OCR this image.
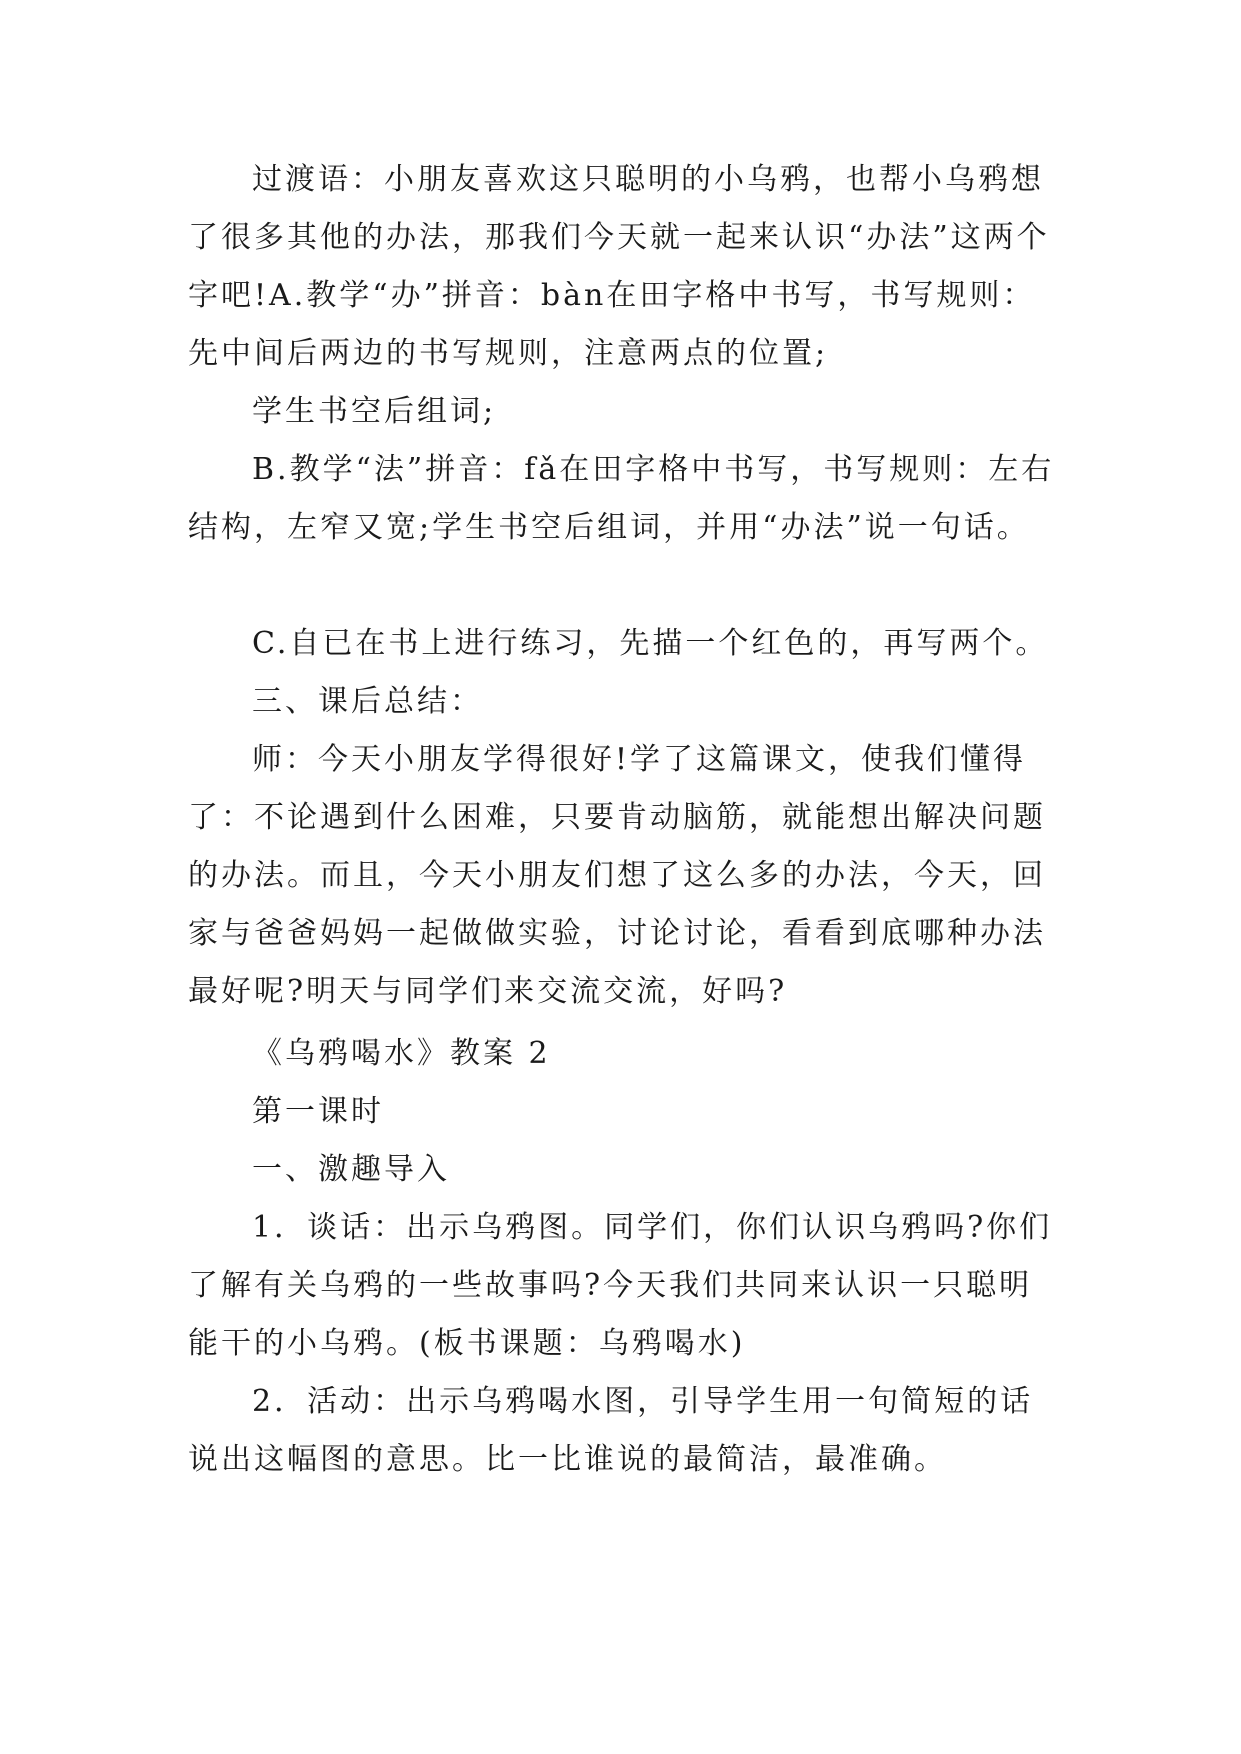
过渡语：小朋友喜欢这只聪明的小乌鸦，也帮小乌鸦想了很多其他的办法，那我们今天就一起来认识“办法”这两个字吧!A.教学“办”拼音：bàn在田字格中书写，书写规则：先中间后两边的书写规则，注意两点的位置;

学生书空后组词;

B.教学“法”拼音：fǎ在田字格中书写，书写规则：左右结构，左窄又宽;学生书空后组词，并用“办法”说一句话。

C.自已在书上进行练习，先描一个红色的，再写两个。

三、课后总结：

师：今天小朋友学得很好!学了这篇课文，使我们懂得了：不论遇到什么困难，只要肯动脑筋，就能想出解决问题的办法。而且，今天小朋友们想了这么多的办法，今天，回家与爸爸妈妈一起做做实验，讨论讨论，看看到底哪种办法最好呢?明天与同学们来交流交流，好吗?

《乌鸦喝水》教案 2

第一课时

一、激趣导入

1．谈话：出示乌鸦图。同学们，你们认识乌鸦吗?你们了解有关乌鸦的一些故事吗?今天我们共同来认识一只聪明能干的小乌鸦。(板书课题：乌鸦喝水)

2．活动：出示乌鸦喝水图，引导学生用一句简短的话说出这幅图的意思。比一比谁说的最简洁，最准确。
